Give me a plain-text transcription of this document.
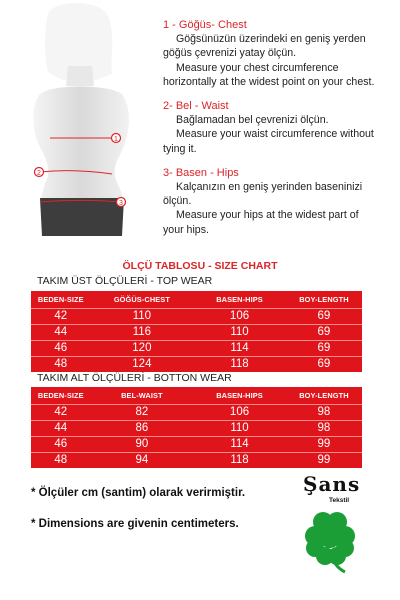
1
2
3
1 - Göğüs- Chest
Göğsünüzün üzerindeki en geniş yerden
göğüs çevrenizi yatay ölçün.
Measure your chest circumference
horizontally at the widest point on your chest.
2- Bel - Waist
Bağlamadan bel çevrenizi ölçün.
Measure your waist circumference without
tying it.
3- Basen - Hips
Kalçanızın en geniş yerinden baseninizi
ölçün.
Measure your hips at the widest part of
your hips.
ÖLÇÜ TABLOSU - SIZE CHART
TAKIM ÜST ÖLÇÜLERİ - TOP WEAR
BEDEN-SIZE	GÖĞÜS-CHEST	BASEN-HIPS	BOY-LENGTH
42	110	106	69
44	116	110	69
46	120	114	69
48	124	118	69
TAKIM ALT ÖLÇÜLERİ - BOTTON WEAR
BEDEN-SIZE	BEL-WAIST	BASEN-HIPS	BOY-LENGTH
42	82	106	98
44	86	110	98
46	90	114	99
48	94	118	99
* Ölçüler cm (santim) olarak verirmiştir.
* Dimensions are givenin centimeters.
Şans
Tekstil
